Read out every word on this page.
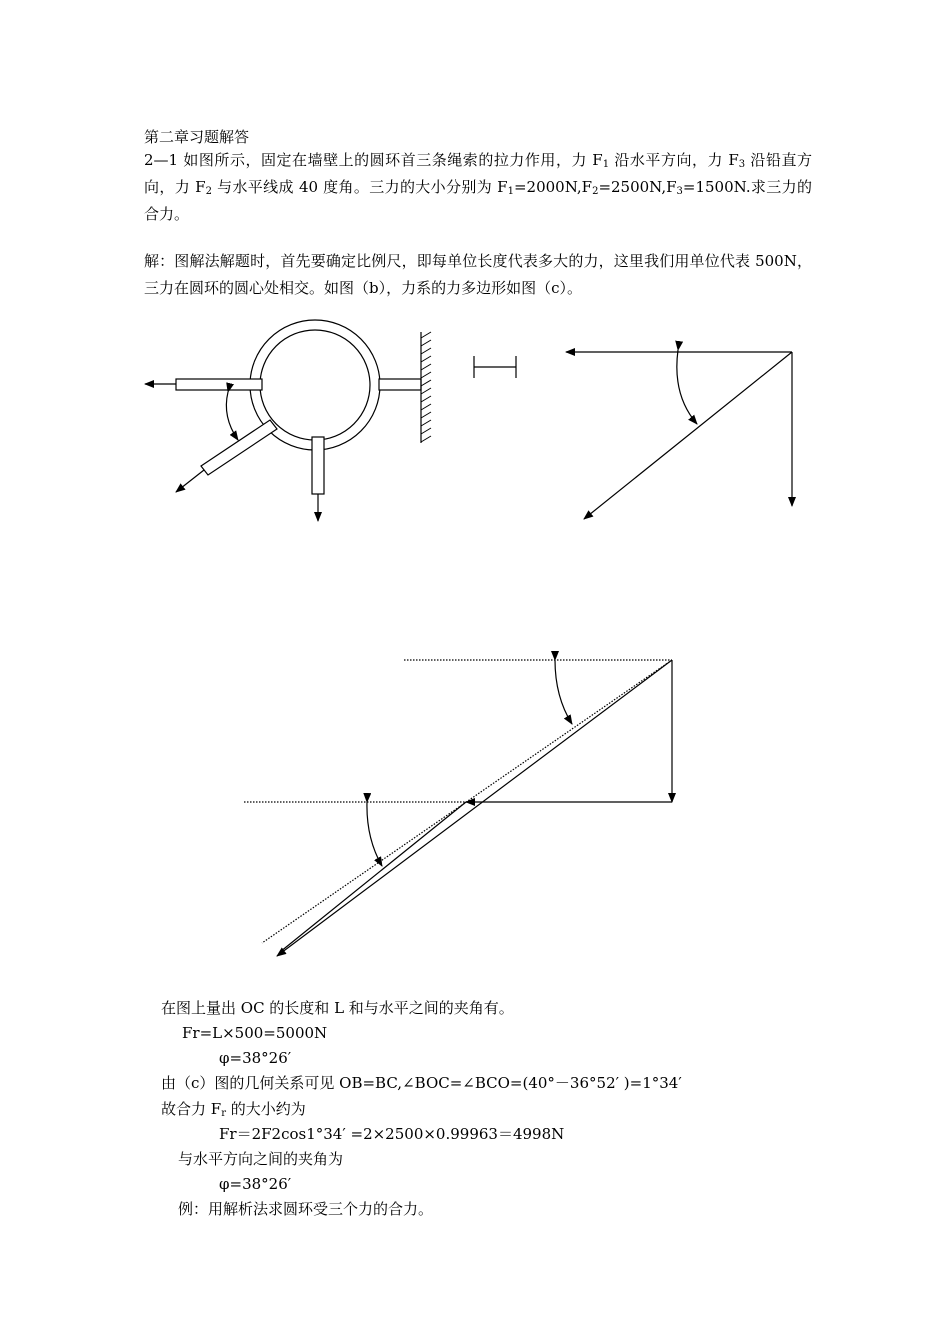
第二章习题解答
2—1 如图所示，固定在墙壁上的圆环首三条绳索的拉力作用，力 $F_1$ 沿水平方向，力 $F_3$ 沿铅直方向，力 $F_2$ 与水平线成 40 度角。三力的大小分别为 $F_1=2000N,F_2=2500N,F_3=1500N$.求三力的合力。
解：图解法解题时，首先要确定比例尺，即每单位长度代表多大的力，这里我们用单位代表 500N，三力在圆环的圆心处相交。如图（b），力系的力多边形如图（c）。
在图上量出 OC 的长度和 L 和与水平之间的夹角有。
Fr=L×500=5000N
φ=38°26′
由（c）图的几何关系可见 OB=BC,∠BOC=∠BCO=(40°－36°52′ )=1°34′
故合力 $F_r$ 的大小约为
Fr＝2F2cos1°34′ =2×2500×0.99963＝4998N
与水平方向之间的夹角为
φ=38°26′
例：用解析法求圆环受三个力的合力。
